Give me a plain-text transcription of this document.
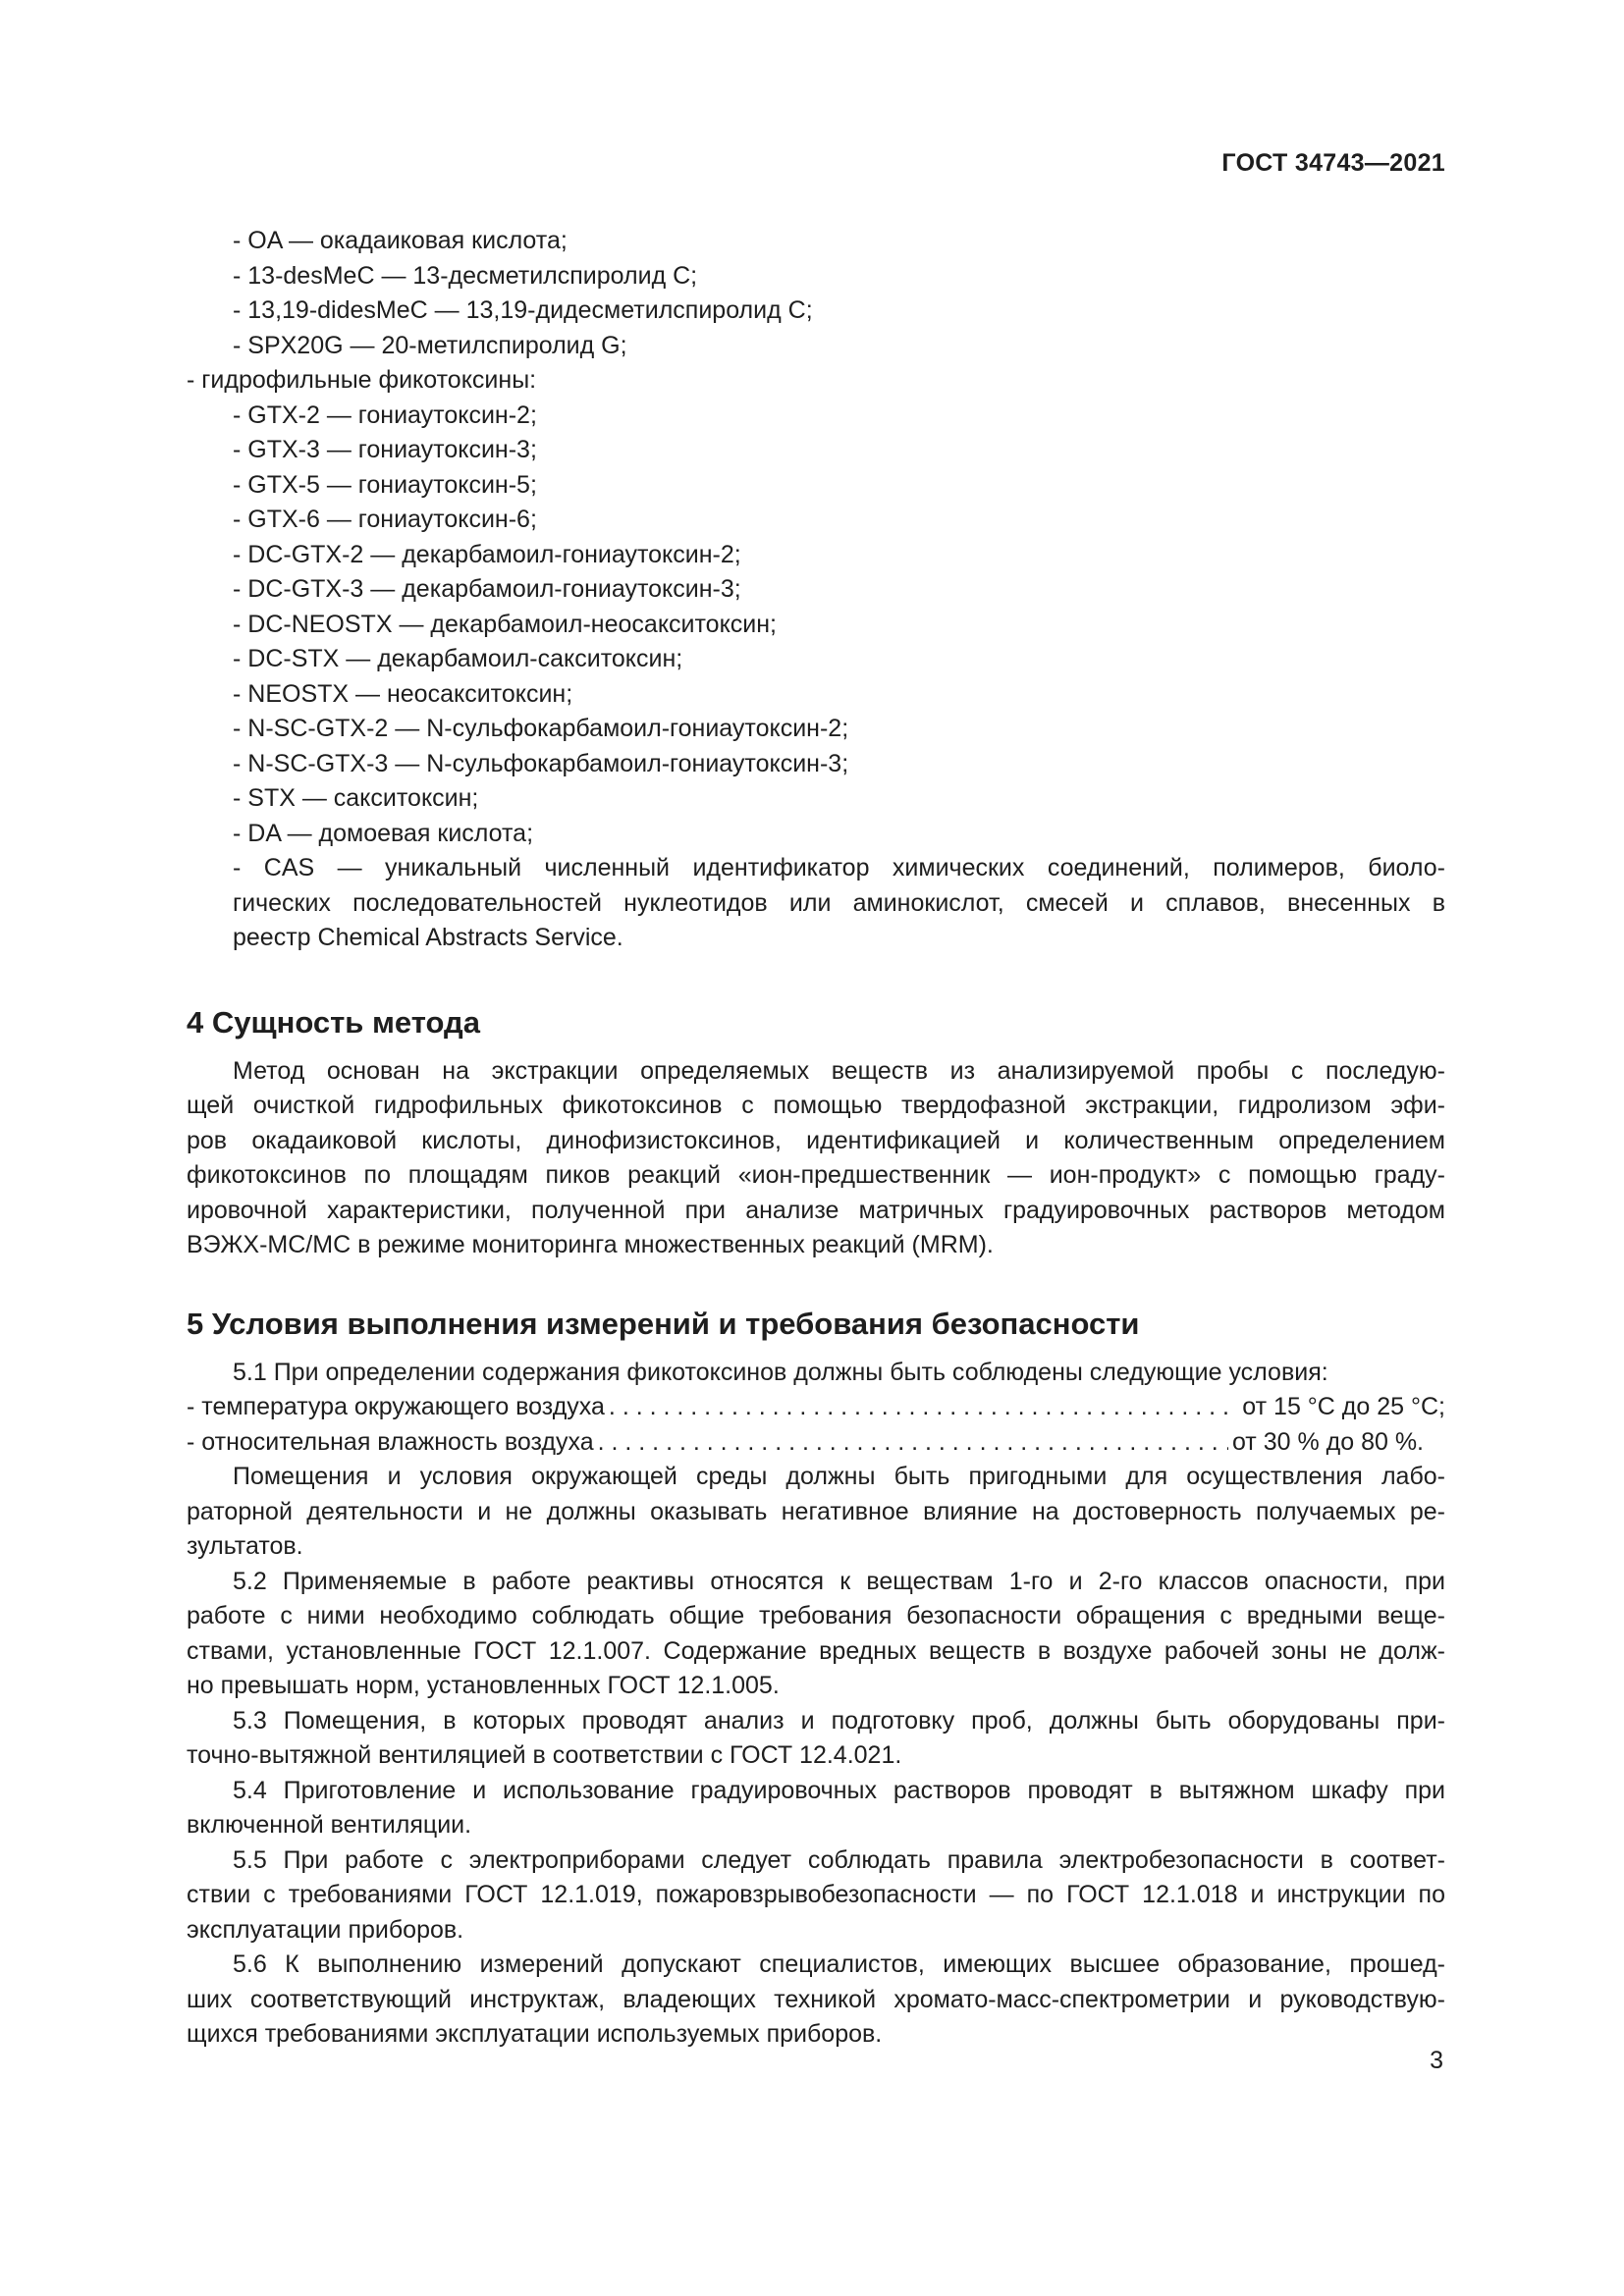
ГОСТ 34743—2021
- OA — окадаиковая кислота;
- 13-desMeC — 13-десметилспиролид С;
- 13,19-didesMeC — 13,19-дидесметилспиролид С;
- SPX20G — 20-метилспиролид G;
- гидрофильные фикотоксины:
- GTX-2 — гониаутоксин-2;
- GTX-3 — гониаутоксин-3;
- GTX-5 — гониаутоксин-5;
- GTX-6 — гониаутоксин-6;
- DC-GTX-2 — декарбамоил-гониаутоксин-2;
- DC-GTX-3 — декарбамоил-гониаутоксин-3;
- DC-NEOSTX — декарбамоил-неосакситоксин;
- DC-STX — декарбамоил-сакситоксин;
- NEOSTX — неосакситоксин;
- N-SC-GTX-2 — N-сульфокарбамоил-гониаутоксин-2;
- N-SC-GTX-3 — N-сульфокарбамоил-гониаутоксин-3;
- STX — сакситоксин;
- DA — домоевая кислота;
- CAS — уникальный численный идентификатор химических соединений, полимеров, биоло-
гических последовательностей нуклеотидов или аминокислот, смесей и сплавов, внесенных в
реестр Chemical Abstracts Service.
4 Сущность метода
Метод основан на экстракции определяемых веществ из анализируемой пробы с последую-
щей очисткой гидрофильных фикотоксинов с помощью твердофазной экстракции, гидролизом эфи-
ров окадаиковой кислоты, динофизистоксинов, идентификацией и количественным определением
фикотоксинов по площадям пиков реакций «ион-предшественник — ион-продукт» с помощью граду-
ировочной характеристики, полученной при анализе матричных градуировочных растворов методом
ВЭЖХ-МС/МС в режиме мониторинга множественных реакций (MRM).
5 Условия выполнения измерений и требования безопасности
5.1 При определении содержания фикотоксинов должны быть соблюдены следующие условия:
- температура окружающего воздуха . . .	от 15 °С до 25 °С;
- относительная влажность воздуха . . .	от 30 % до 80 %.
Помещения и условия окружающей среды должны быть пригодными для осуществления лабо-
раторной деятельности и не должны оказывать негативное влияние на достоверность получаемых ре-
зультатов.
5.2 Применяемые в работе реактивы относятся к веществам 1-го и 2-го классов опасности, при
работе с ними необходимо соблюдать общие требования безопасности обращения с вредными веще-
ствами, установленные ГОСТ 12.1.007. Содержание вредных веществ в воздухе рабочей зоны не долж-
но превышать норм, установленных ГОСТ 12.1.005.
5.3 Помещения, в которых проводят анализ и подготовку проб, должны быть оборудованы при-
точно-вытяжной вентиляцией в соответствии с ГОСТ 12.4.021.
5.4 Приготовление и использование градуировочных растворов проводят в вытяжном шкафу при
включенной вентиляции.
5.5 При работе с электроприборами следует соблюдать правила электробезопасности в соответ-
ствии с требованиями ГОСТ 12.1.019, пожаровзрывобезопасности — по ГОСТ 12.1.018 и инструкции по
эксплуатации приборов.
5.6 К выполнению измерений допускают специалистов, имеющих высшее образование, прошед-
ших соответствующий инструктаж, владеющих техникой хромато-масс-спектрометрии и руководствую-
щихся требованиями эксплуатации используемых приборов.
3
